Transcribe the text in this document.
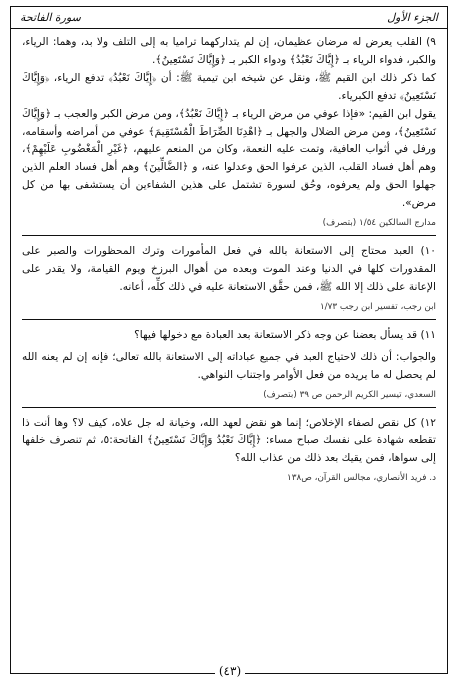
الجزء الأول
سورة الفاتحة

٩) القلب يعرض له مرضان عظيمان، إن لم يتداركهما تراميا به إلى التلف ولا بد، وهما: الرياء، والكبر، فدواء الرياء بـ ﴿إِيَّاكَ نَعْبُدُ﴾ ودواء الكبر بـ ﴿وَإِيَّاكَ نَسْتَعِينُ﴾.

كما ذكر ذلك ابن القيم ﷺ، ونقل عن شيخه ابن تيمية ﷺ: أن ﴿إِيَّاكَ نَعْبُدُ﴾ تدفع الرياء، ﴿وَإِيَّاكَ نَسْتَعِينُ﴾ تدفع الكبرياء.

يقول ابن القيم: «فإذا عوفي من مرض الرياء بـ ﴿إِيَّاكَ نَعْبُدُ﴾، ومن مرض الكبر والعجب بـ ﴿وَإِيَّاكَ نَسْتَعِينُ﴾، ومن مرض الضلال والجهل بـ ﴿اهْدِنَا الصِّرَاطَ الْمُسْتَقِيمَ﴾ عوفي من أمراضه وأسقامه، ورفل في أثواب العافية، وتمت عليه النعمة، وكان من المنعم عليهم، ﴿غَيْرِ الْمَغْضُوبِ عَلَيْهِمْ﴾، وهم أهل فساد القلب، الذين عرفوا الحق وعدلوا عنه، و ﴿الضَّالِّينَ﴾ وهم أهل فساد العلم الذين جهلوا الحق ولم يعرفوه، وحُق لسورة تشتمل على هذين الشفاءين أن يستشفى بها من كل مرض».

مدارج السالكين ١/٥٤ (بتصرف)

١٠) العبد محتاج إلى الاستعانة بالله في فعل المأمورات وترك المحظورات والصبر على المقدورات كلها في الدنيا وعند الموت وبعده من أهوال البرزخ ويوم القيامة، ولا يقدر على الإعانة على ذلك إلا الله ﷺ، فمن حقَّق الاستعانة عليه في ذلك كلِّه، أعانه.

ابن رجب، تفسير ابن رجب ١/٧٣

١١) قد يسأل بعضنا عن وجه ذكر الاستعانة بعد العبادة مع دخولها فيها؟

والجواب: أن ذلك لاحتياج العبد في جميع عباداته إلى الاستعانة بالله تعالى؛ فإنه إن لم يعنه الله لم يحصل له ما يريده من فعل الأوامر واجتناب النواهي.

السعدي، تيسير الكريم الرحمن ص ٣٩ (بتصرف)

١٢) كل نقص لصفاء الإخلاص؛ إنما هو نقض لعهد الله، وخيانة له جل علاه، كيف لا؟ وها أنت ذا تقطعه شهادة على نفسك صباح مساء: ﴿إِيَّاكَ نَعْبُدُ وَإِيَّاكَ نَسْتَعِينُ﴾ الفاتحة:٥، ثم تنصرف خلفها إلى سواها، فمن يقيك بعد ذلك من عذاب الله؟

د. فريد الأنصاري، مجالس القرآن، ص١٣٨
(٤٣)
